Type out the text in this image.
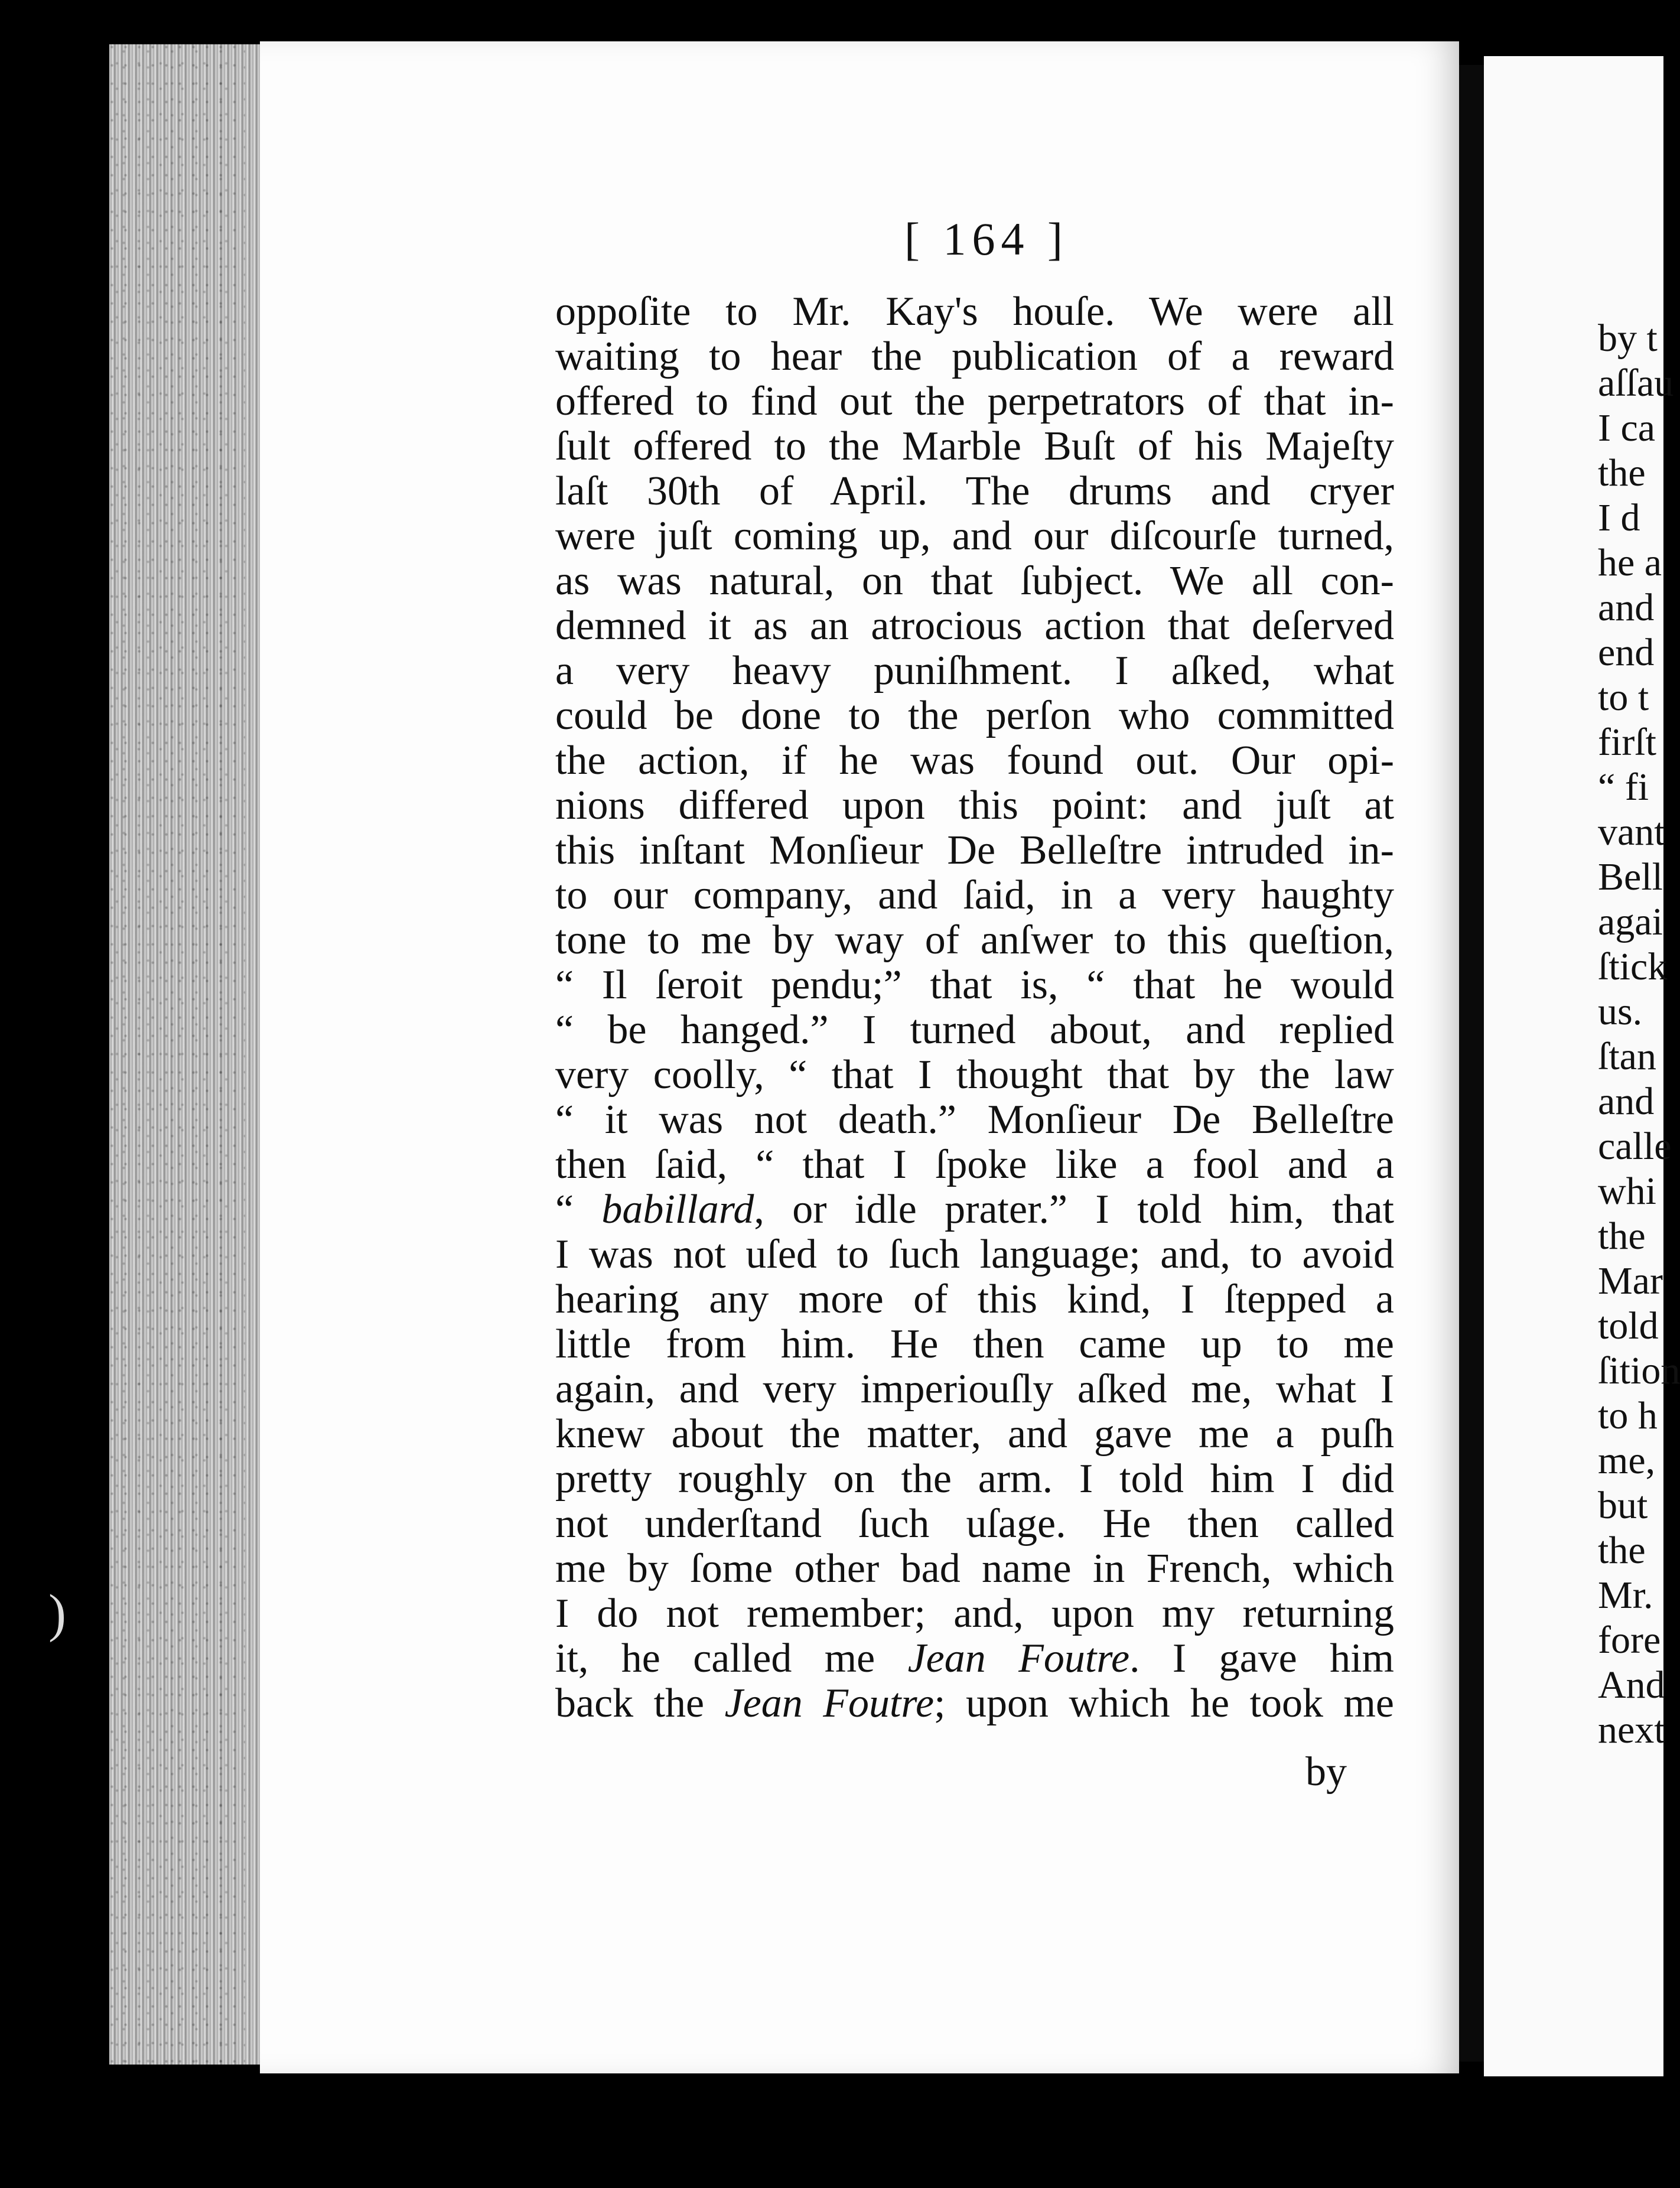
)
[ 164 ]
oppoſite to Mr. Kay's houſe. We were all
waiting to hear the publication of a reward
offered to find out the perpetrators of that in-
ſult offered to the Marble Buſt of his Majeſty
laſt 30th of April. The drums and cryer
were juſt coming up, and our diſcourſe turned,
as was natural, on that ſubject. We all con-
demned it as an atrocious action that deſerved
a very heavy puniſhment. I aſked, what
could be done to the perſon who committed
the action, if he was found out. Our opi-
nions differed upon this point: and juſt at
this inſtant Monſieur De Belleſtre intruded in-
to our company, and ſaid, in a very haughty
tone to me by way of anſwer to this queſtion,
“ Il ſeroit pendu;” that is, “ that he would
“ be hanged.” I turned about, and replied
very coolly, “ that I thought that by the law
“ it was not death.” Monſieur De Belleſtre
then ſaid, “ that I ſpoke like a fool and a
“ babillard, or idle prater.” I told him, that
I was not uſed to ſuch language; and, to avoid
hearing any more of this kind, I ſtepped a
little from him. He then came up to me
again, and very imperiouſly aſked me, what I
knew about the matter, and gave me a puſh
pretty roughly on the arm. I told him I did
not underſtand ſuch uſage. He then called
me by ſome other bad name in French, which
I do not remember; and, upon my returning
it, he called me Jean Foutre. I gave him
back the Jean Foutre; upon which he took me
by
by t
aſſau
I ca
the
I d
he a
and
end
to t
firſt
“ fi
vant
Bell
agai
ſtick
us.
ſtan
and
calle
whi
the
Mar
told
ſition
to h
me,
but
the
Mr.
fore
And
next
